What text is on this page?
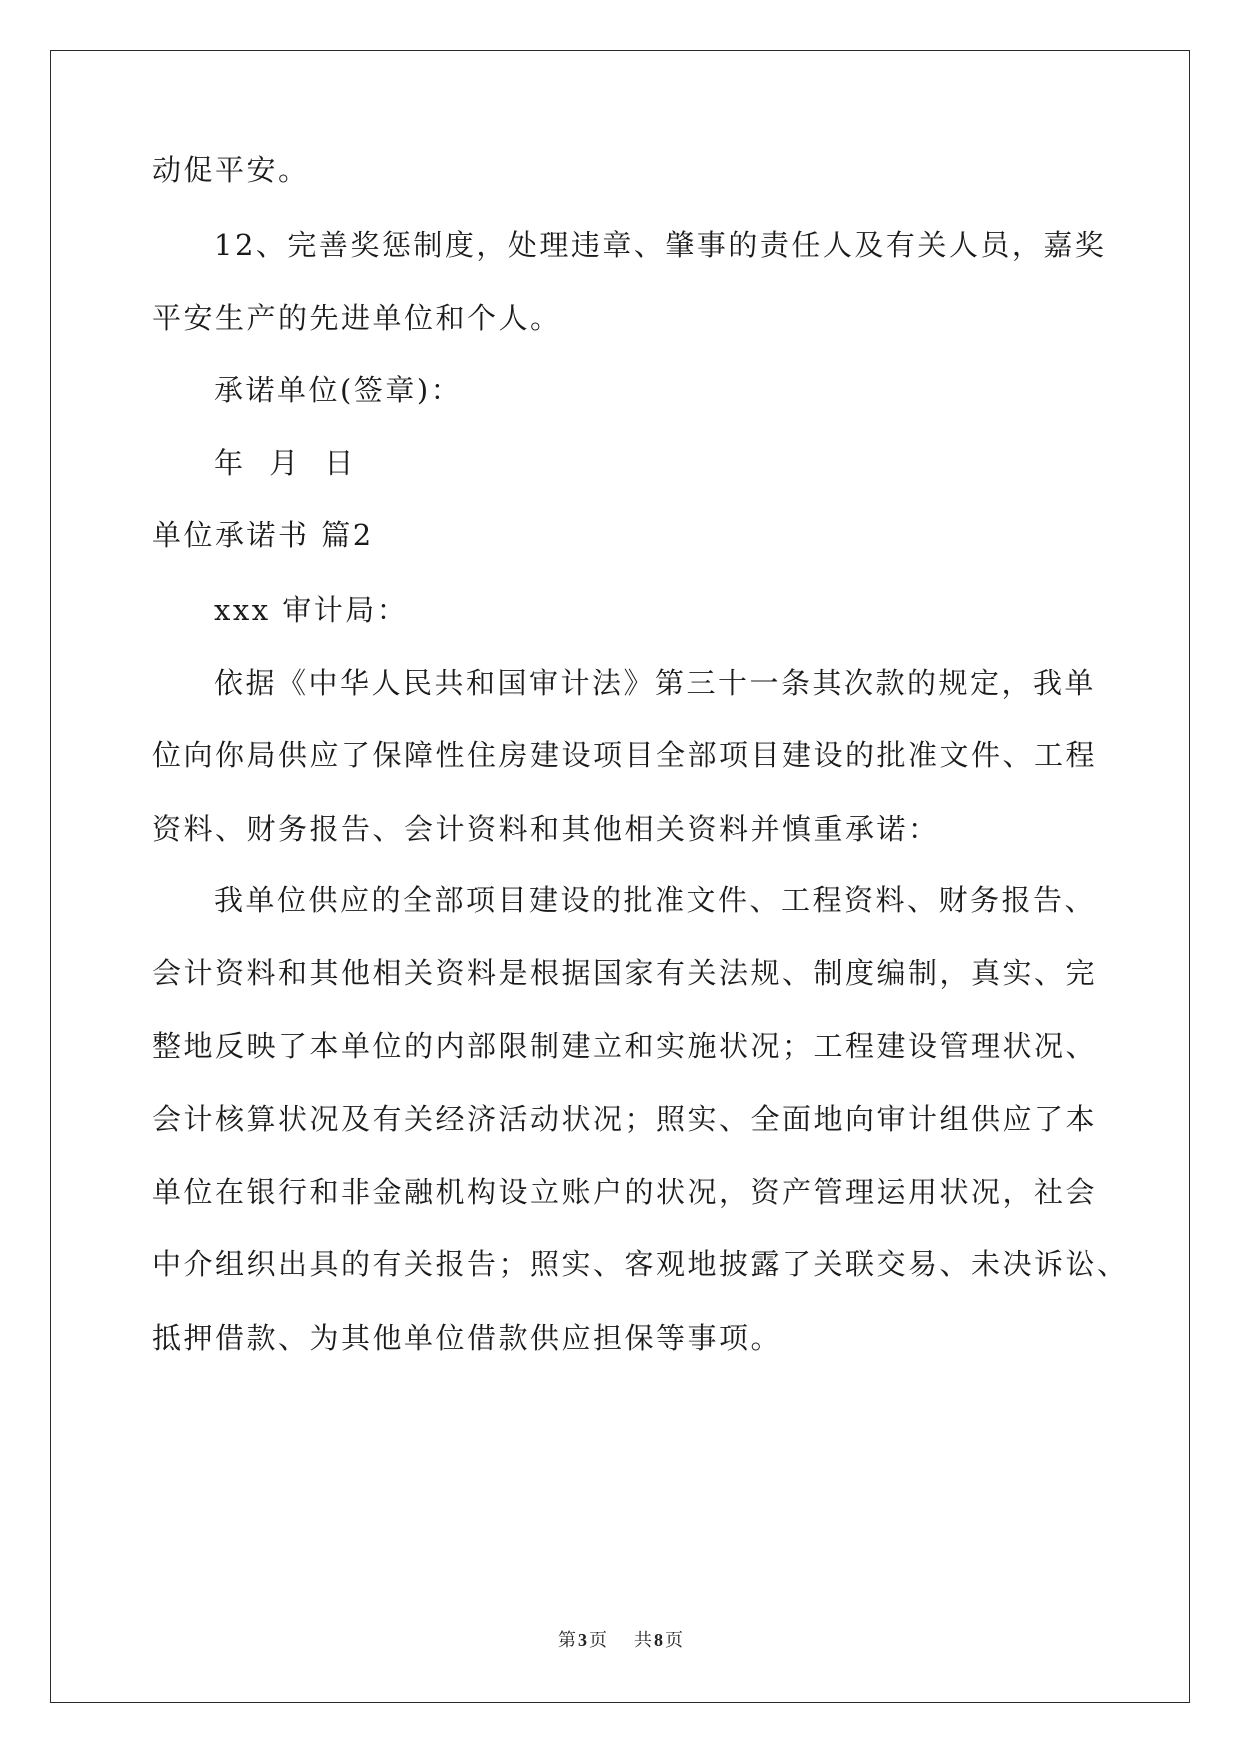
动促平安。
12、完善奖惩制度，处理违章、肇事的责任人及有关人员，嘉奖
平安生产的先进单位和个人。
承诺单位(签章)：
年 月 日
单位承诺书 篇2
xxx 审计局：
依据《中华人民共和国审计法》第三十一条其次款的规定，我单
位向你局供应了保障性住房建设项目全部项目建设的批准文件、工程
资料、财务报告、会计资料和其他相关资料并慎重承诺：
我单位供应的全部项目建设的批准文件、工程资料、财务报告、
会计资料和其他相关资料是根据国家有关法规、制度编制，真实、完
整地反映了本单位的内部限制建立和实施状况；工程建设管理状况、
会计核算状况及有关经济活动状况；照实、全面地向审计组供应了本
单位在银行和非金融机构设立账户的状况，资产管理运用状况，社会
中介组织出具的有关报告；照实、客观地披露了关联交易、未决诉讼、
抵押借款、为其他单位借款供应担保等事项。
第 3 页 共 8 页
